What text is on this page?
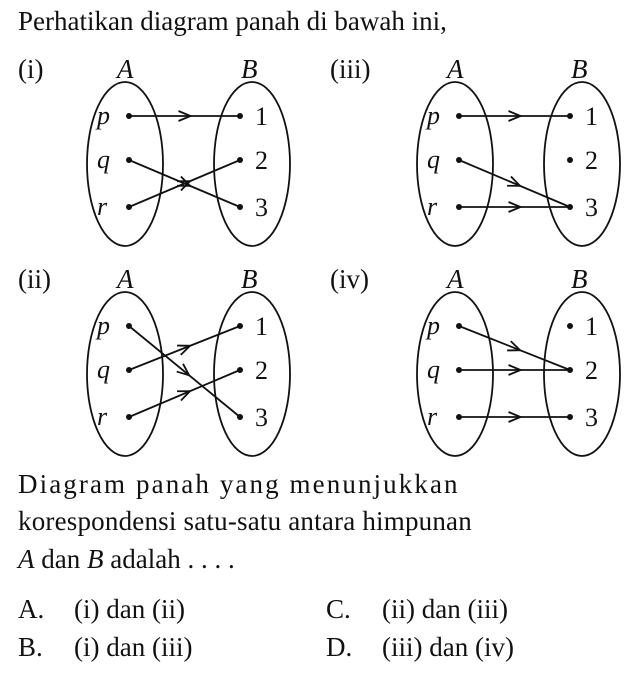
Perhatikan diagram panah di bawah ini,
(i)	A	B
p
q
r
1
2
3
(iii)	A	B
p
q
r
1
2
3
(ii) A	B
p
q
r
1
2
3
(iv)	A	B
p
q
r
1
2
3
Diagram panah yang menunjukkan
korespondensi satu-satu antara himpunan
A dan B adalah . . . .
A. (i) dan (ii)
B. (i) dan (iii)
C. (ii) dan (iii)
D. (iii) dan (iv)
